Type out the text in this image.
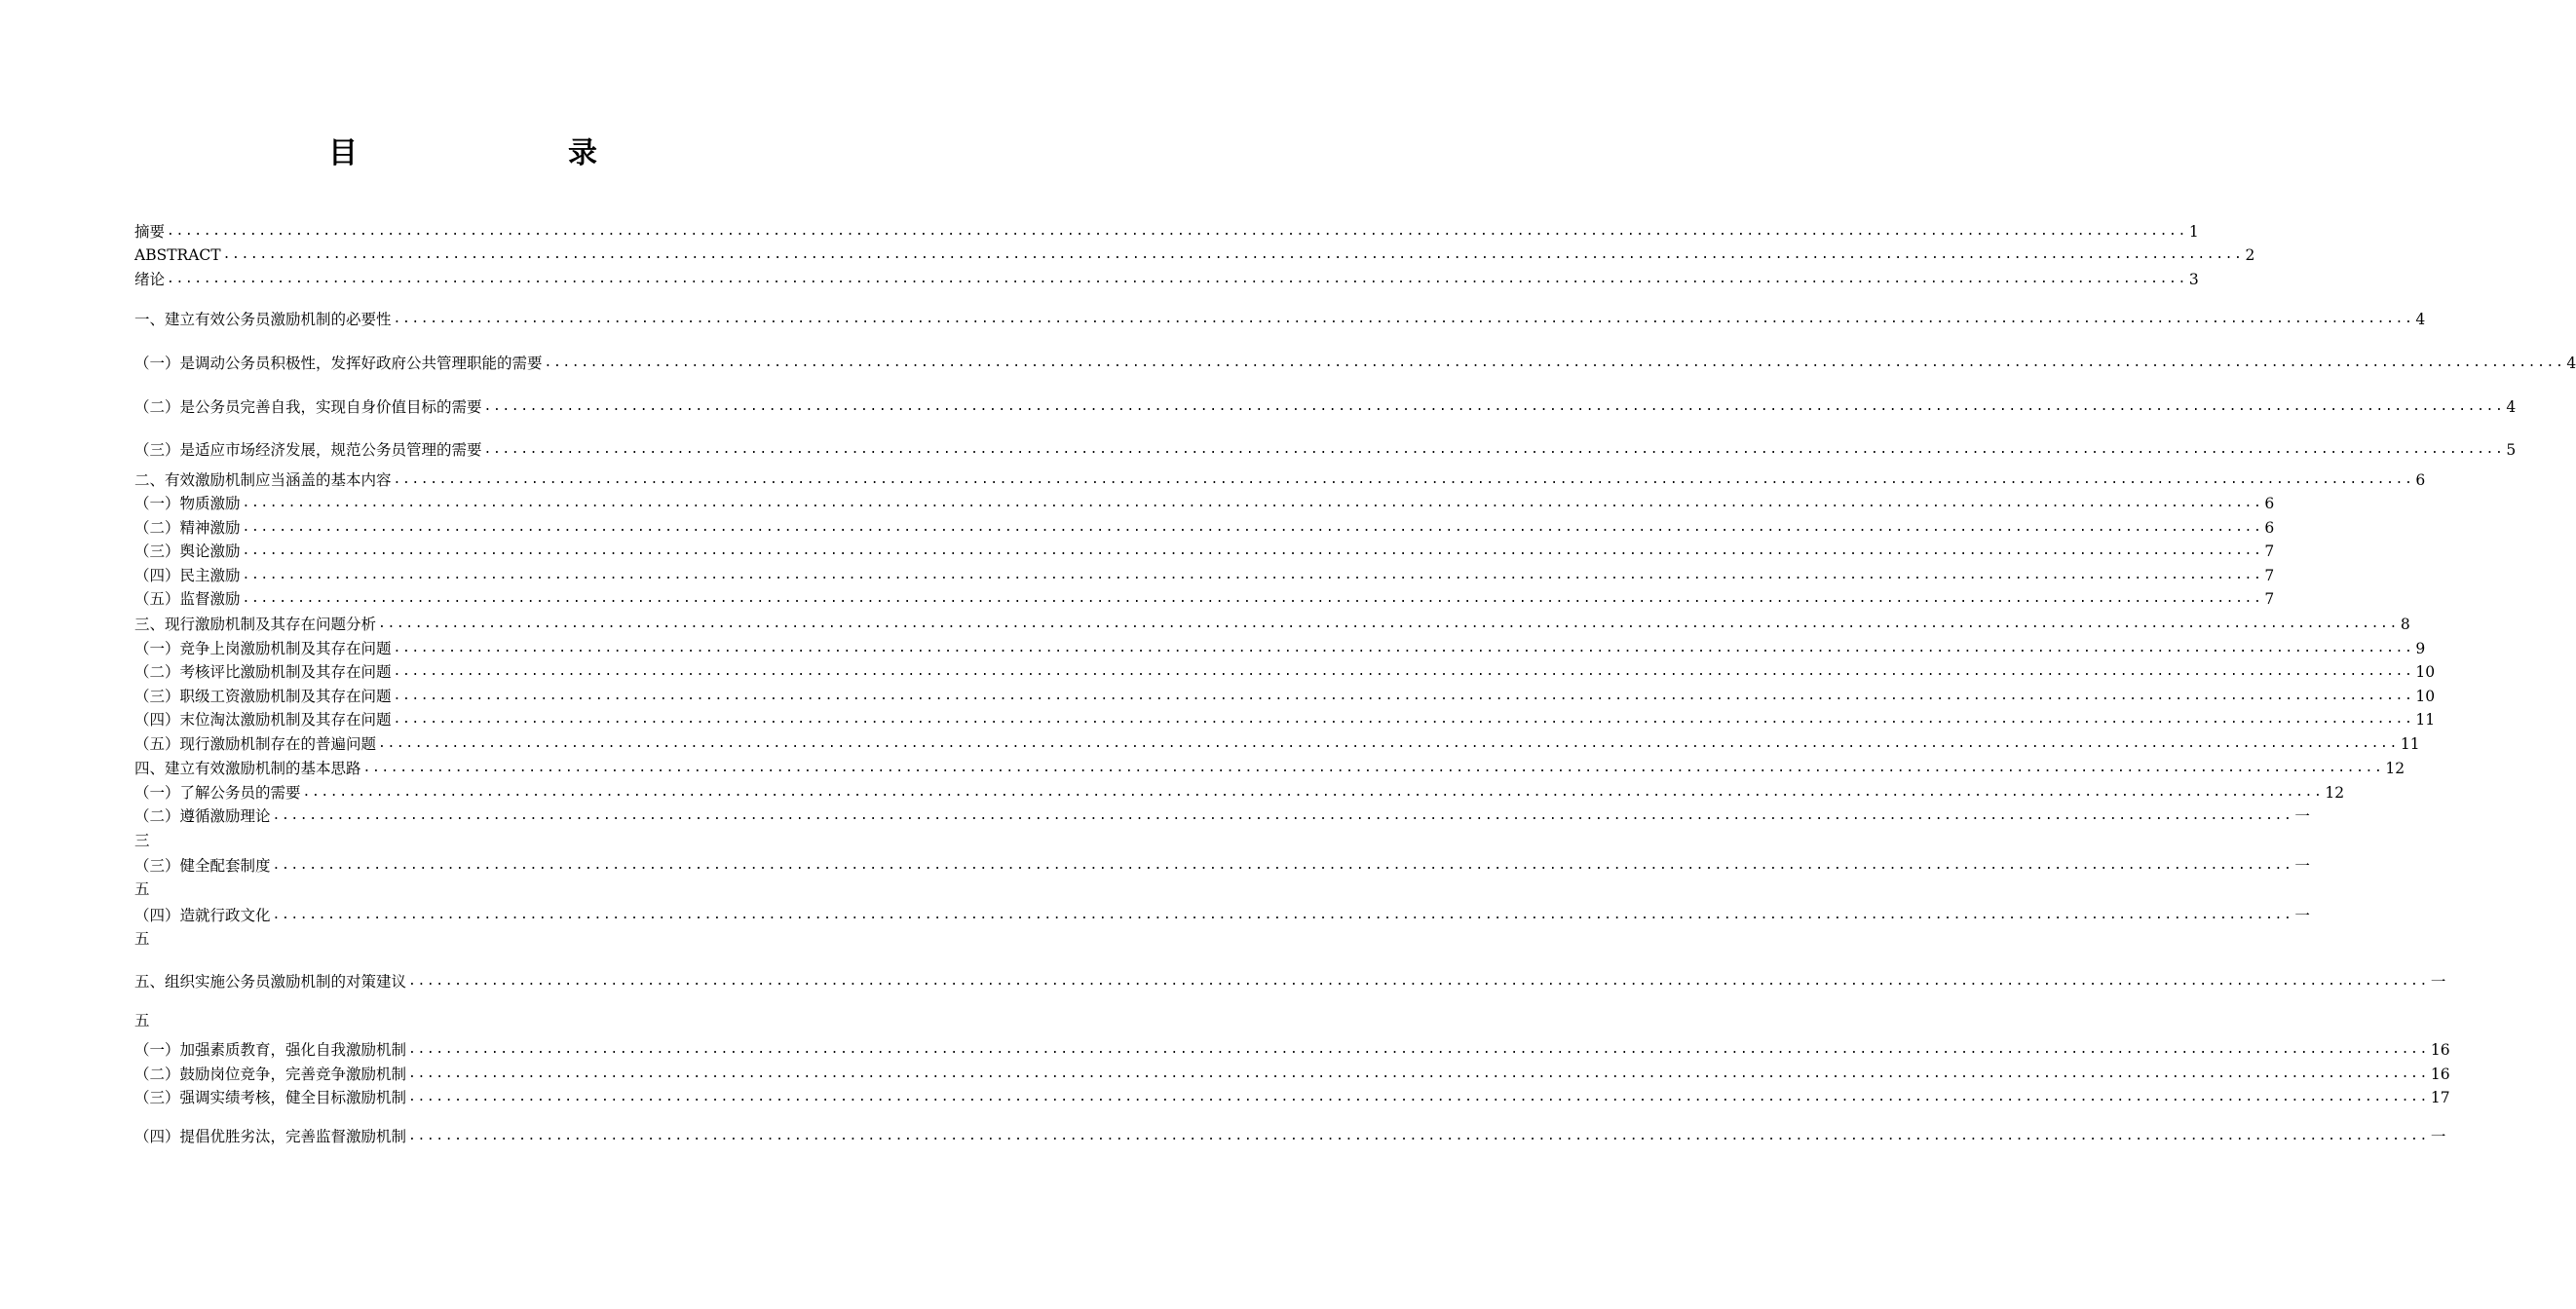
目　　录
摘要 ............................................................................................................................................................................................................................ 1
ABSTRACT ............................................................................................................................................................................................................................ 2
绪论 ............................................................................................................................................................................................................................ 3
一、建立有效公务员激励机制的必要性 ............................................................................................................................................................................................................................ 4
（一）是调动公务员积极性，发挥好政府公共管理职能的需要 ............................................................................................................................................................................................................................ 4
（二）是公务员完善自我，实现自身价值目标的需要 ............................................................................................................................................................................................................................ 4
（三）是适应市场经济发展，规范公务员管理的需要 ............................................................................................................................................................................................................................ 5
二、有效激励机制应当涵盖的基本内容 ............................................................................................................................................................................................................................ 6
（一）物质激励 ............................................................................................................................................................................................................................ 6
（二）精神激励 ............................................................................................................................................................................................................................ 6
（三）舆论激励 ............................................................................................................................................................................................................................ 7
（四）民主激励 ............................................................................................................................................................................................................................ 7
（五）监督激励 ............................................................................................................................................................................................................................ 7
三、现行激励机制及其存在问题分析 ............................................................................................................................................................................................................................ 8
（一）竞争上岗激励机制及其存在问题 ............................................................................................................................................................................................................................ 9
（二）考核评比激励机制及其存在问题 ............................................................................................................................................................................................................................ 10
（三）职级工资激励机制及其存在问题 ............................................................................................................................................................................................................................ 10
（四）末位淘汰激励机制及其存在问题 ............................................................................................................................................................................................................................ 11
（五）现行激励机制存在的普遍问题 ............................................................................................................................................................................................................................ 11
四、建立有效激励机制的基本思路 ............................................................................................................................................................................................................................ 12
（一）了解公务员的需要 ............................................................................................................................................................................................................................ 12
（二）遵循激励理论 ............................................................................................................................................................................................................................ 一
三
（三）健全配套制度 ............................................................................................................................................................................................................................ 一
五
（四）造就行政文化 ............................................................................................................................................................................................................................ 一
五
五、组织实施公务员激励机制的对策建议 ............................................................................................................................................................................................................................ 一
五
（一）加强素质教育，强化自我激励机制 ............................................................................................................................................................................................................................ 16
（二）鼓励岗位竞争，完善竞争激励机制 ............................................................................................................................................................................................................................ 16
（三）强调实绩考核，健全目标激励机制 ............................................................................................................................................................................................................................ 17
（四）提倡优胜劣汰，完善监督激励机制 ............................................................................................................................................................................................................................ 一
